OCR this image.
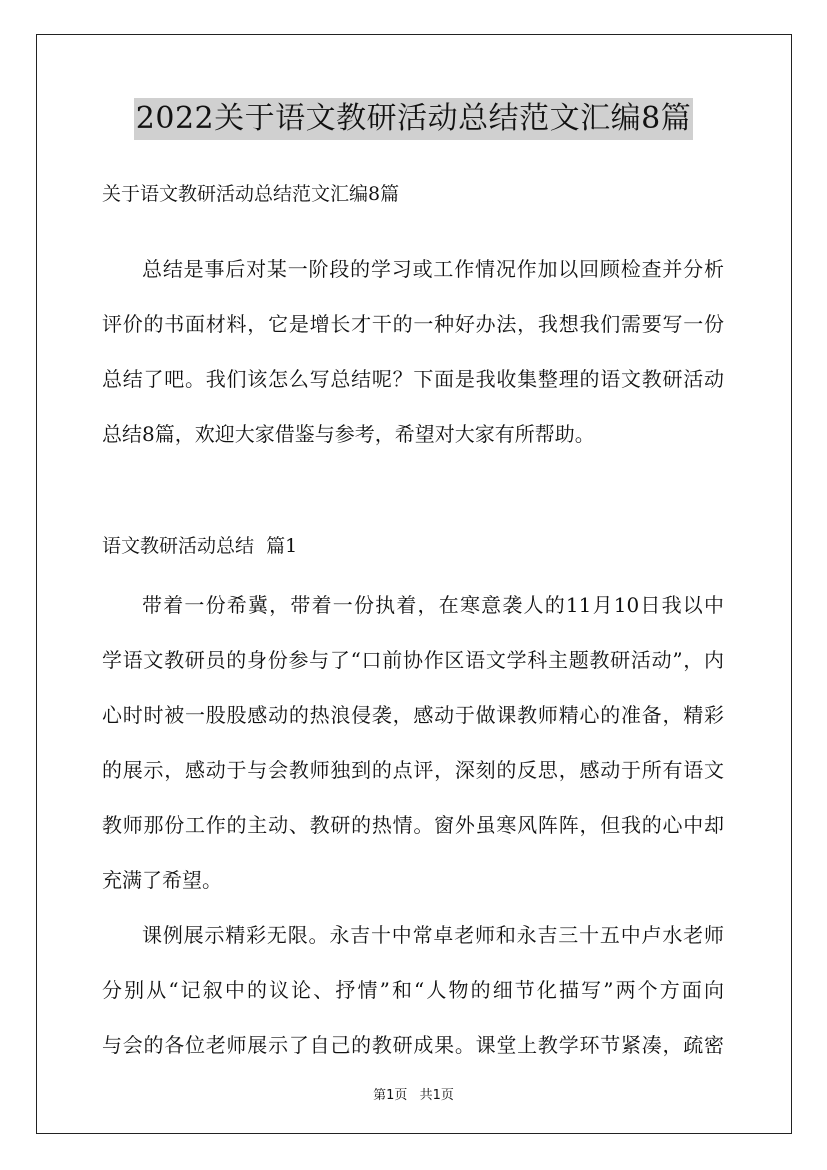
2022关于语文教研活动总结范文汇编8篇
关于语文教研活动总结范文汇编8篇
总结是事后对某一阶段的学习或工作情况作加以回顾检查并分析
评价的书面材料，它是增长才干的一种好办法，我想我们需要写一份
总结了吧。我们该怎么写总结呢？下面是我收集整理的语文教研活动
总结8篇，欢迎大家借鉴与参考，希望对大家有所帮助。
语文教研活动总结  篇1
带着一份希冀，带着一份执着，在寒意袭人的11月10日我以中
学语文教研员的身份参与了“口前协作区语文学科主题教研活动”，内
心时时被一股股感动的热浪侵袭，感动于做课教师精心的准备，精彩
的展示，感动于与会教师独到的点评，深刻的反思，感动于所有语文
教师那份工作的主动、教研的热情。窗外虽寒风阵阵，但我的心中却
充满了希望。
课例展示精彩无限。永吉十中常卓老师和永吉三十五中卢水老师
分别从“记叙中的议论、抒情”和“人物的细节化描写”两个方面向
与会的各位老师展示了自己的教研成果。课堂上教学环节紧凑，疏密
第1页 共1页
